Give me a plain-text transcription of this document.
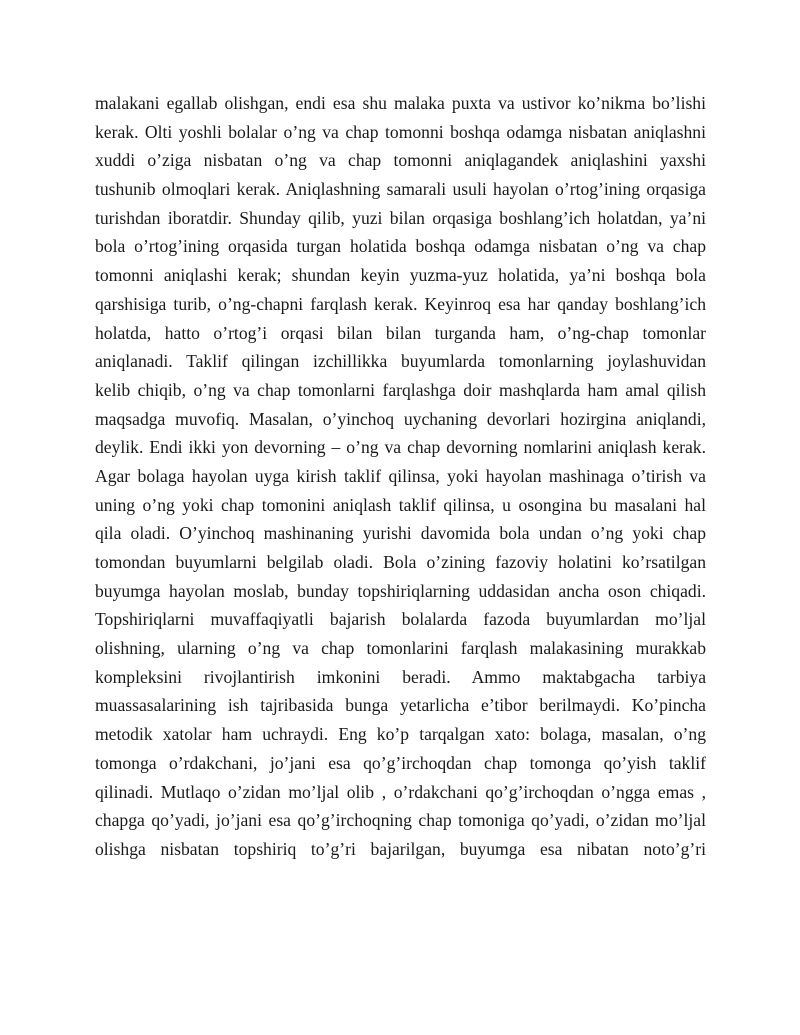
malakani egallab olishgan, endi esa shu malaka puxta va ustivor ko’nikma bo’lishi
kerak. Olti yoshli bolalar o’ng va chap tomonni boshqa odamga nisbatan aniqlashni
xuddi o’ziga nisbatan o’ng va chap tomonni aniqlagandek aniqlashini yaxshi
tushunib olmoqlari kerak. Aniqlashning samarali usuli hayolan o’rtog’ining orqasiga
turishdan iboratdir. Shunday qilib, yuzi bilan orqasiga boshlang’ich holatdan, ya’ni
bola o’rtog’ining orqasida turgan holatida boshqa odamga nisbatan o’ng va chap
tomonni aniqlashi kerak; shundan keyin yuzma-yuz holatida, ya’ni boshqa bola
qarshisiga turib, o’ng-chapni farqlash kerak. Keyinroq esa har qanday boshlang’ich
holatda, hatto o’rtog’i orqasi bilan bilan turganda ham, o’ng-chap tomonlar
aniqlanadi. Taklif qilingan izchillikka buyumlarda tomonlarning joylashuvidan
kelib chiqib, o’ng va chap tomonlarni farqlashga doir mashqlarda ham amal qilish
maqsadga muvofiq. Masalan, o’yinchoq uychaning devorlari hozirgina aniqlandi,
deylik. Endi ikki yon devorning – o’ng va chap devorning nomlarini aniqlash kerak.
Agar bolaga hayolan uyga kirish taklif qilinsa, yoki hayolan mashinaga o’tirish va
uning o’ng yoki chap tomonini aniqlash taklif qilinsa, u osongina bu masalani hal
qila oladi. O’yinchoq mashinaning yurishi davomida bola undan o’ng yoki chap
tomondan buyumlarni belgilab oladi. Bola o’zining fazoviy holatini ko’rsatilgan
buyumga hayolan moslab, bunday topshiriqlarning uddasidan ancha oson chiqadi.
Topshiriqlarni muvaffaqiyatli bajarish bolalarda fazoda buyumlardan mo’ljal
olishning, ularning o’ng va chap tomonlarini farqlash malakasining murakkab
kompleksini rivojlantirish imkonini beradi. Ammo maktabgacha tarbiya
muassasalarining ish tajribasida bunga yetarlicha e’tibor berilmaydi. Ko’pincha
metodik xatolar ham uchraydi. Eng ko’p tarqalgan xato: bolaga, masalan, o’ng
tomonga o’rdakchani, jo’jani esa qo’g’irchoqdan chap tomonga qo’yish taklif
qilinadi. Mutlaqo o’zidan mo’ljal olib , o’rdakchani qo’g’irchoqdan o’ngga emas ,
chapga qo’yadi, jo’jani esa qo’g’irchoqning chap tomoniga qo’yadi, o’zidan mo’ljal
olishga nisbatan topshiriq to’g’ri bajarilgan, buyumga esa nibatan noto’g’ri
